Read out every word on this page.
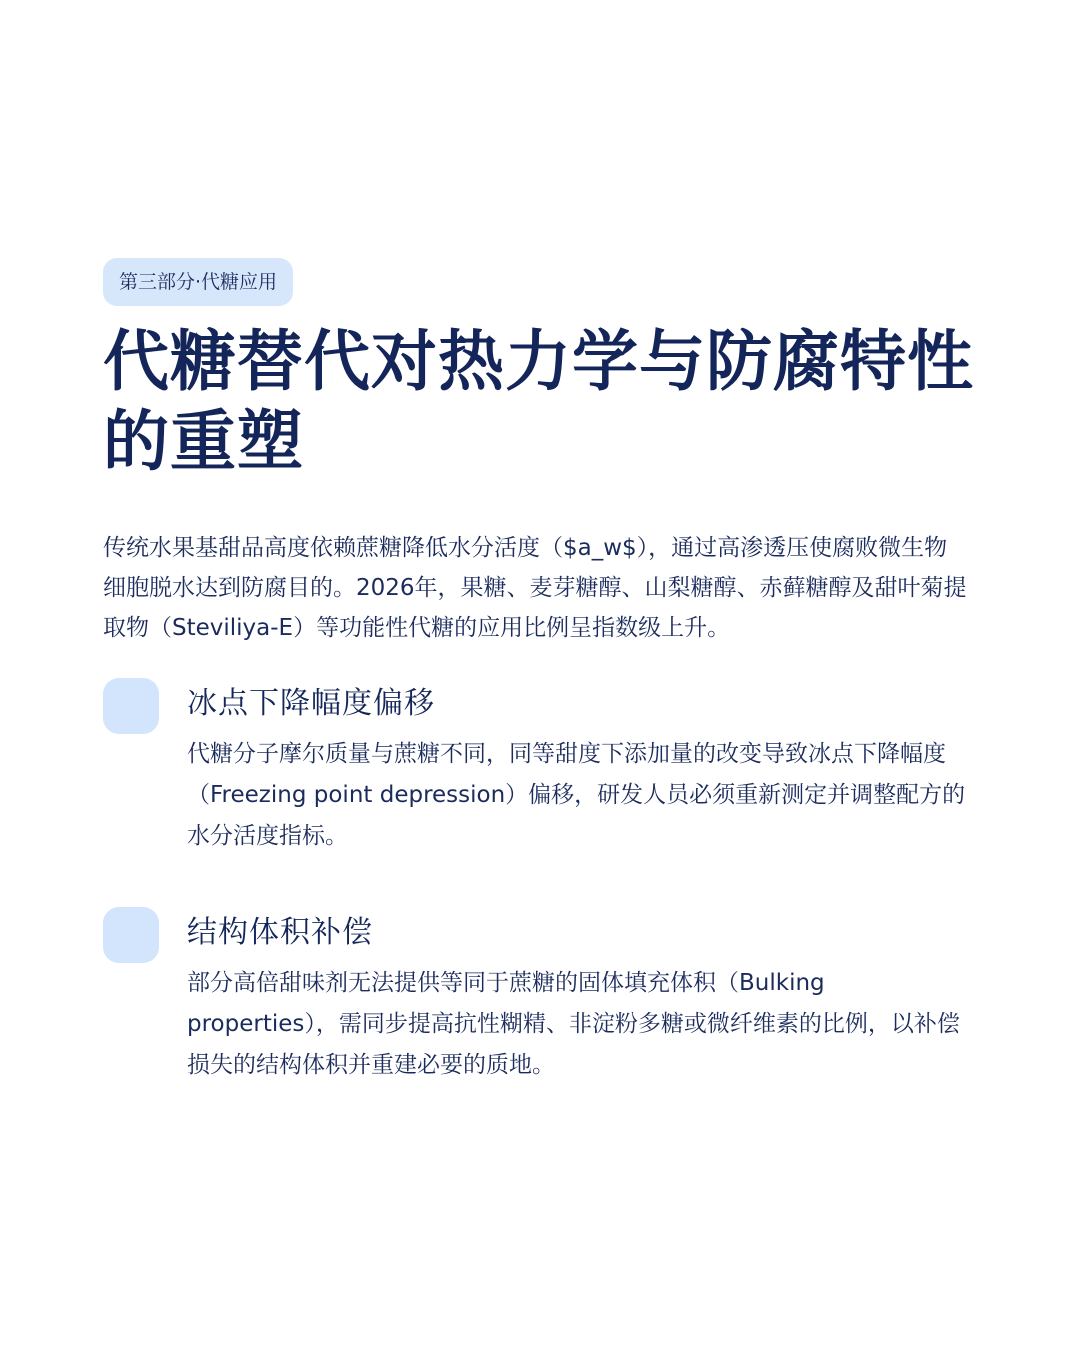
第三部分·代糖应用
代糖替代对热力学与防腐特性的重塑

传统水果基甜品高度依赖蔗糖降低水分活度（$a_w$），通过高渗透压使腐败微生物细胞脱水达到防腐目的。2026年，果糖、麦芽糖醇、山梨糖醇、赤藓糖醇及甜叶菊提取物（Steviliya-E）等功能性代糖的应用比例呈指数级上升。

冰点下降幅度偏移

代糖分子摩尔质量与蔗糖不同，同等甜度下添加量的改变导致冰点下降幅度（Freezing point depression）偏移，研发人员必须重新测定并调整配方的水分活度指标。

结构体积补偿

部分高倍甜味剂无法提供等同于蔗糖的固体填充体积（Bulking properties），需同步提高抗性糊精、非淀粉多糖或微纤维素的比例，以补偿损失的结构体积并重建必要的质地。
